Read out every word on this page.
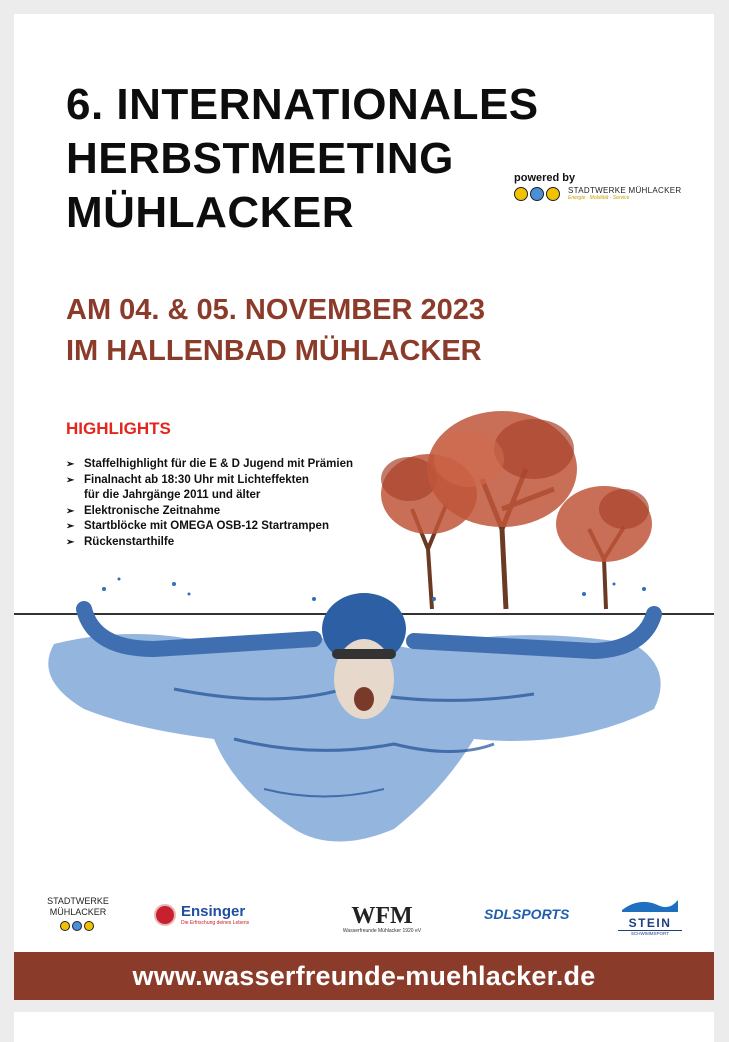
6. INTERNATIONALES
HERBSTMEETING
MÜHLACKER
powered by
STADTWERKE MÜHLACKER
Energie · Mobilität · Service
AM 04. & 05. NOVEMBER 2023
IM HALLENBAD MÜHLACKER
HIGHLIGHTS
➢ Staffelhighlight für die E & D Jugend mit Prämien
➢ Finalnacht ab 18:30 Uhr mit Lichteffekten
für die Jahrgänge 2011 und älter
➢ Elektronische Zeitnahme
➢ Startblöcke mit OMEGA OSB-12 Startrampen
➢ Rückenstarthilfe
STADTWERKE
MÜHLACKER	Ensinger
Die Erfrischung deines Lebens	WFM
Wasserfreunde Mühlacker 1920 eV
SDLSPORTS
STEIN
SCHWIMMSPORT
www.wasserfreunde-muehlacker.de
